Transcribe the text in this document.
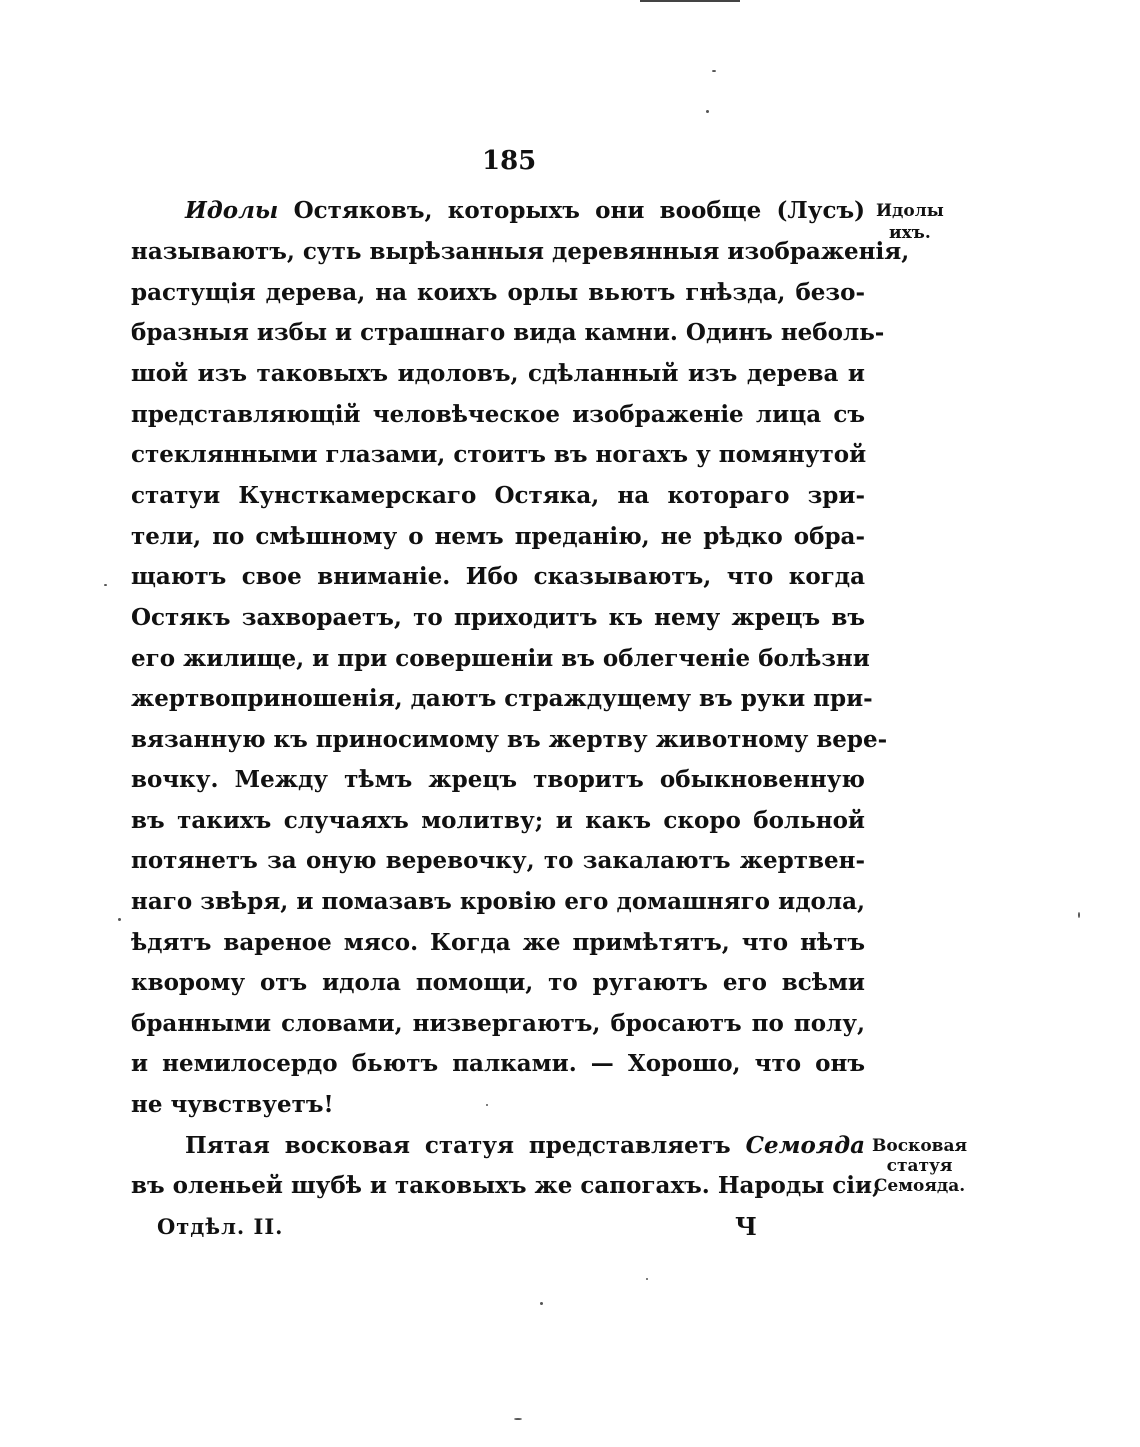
185
Идолы Остяковъ, которыхъ они вообще (Лусъ)
называютъ, суть вырѣзанныя деревянныя изображенія,
растущія дерева, на коихъ орлы вьютъ гнѣзда, безо-
бразныя избы и страшнаго вида камни. Одинъ неболь-
шой изъ таковыхъ идоловъ, сдѣланный изъ дерева и
представляющій человѣческое изображеніе лица съ
стеклянными глазами, стоитъ въ ногахъ у помянутой
статуи Кунсткамерскаго Остяка, на котораго зри-
тели, по смѣшному о немъ преданію, не рѣдко обра-
щаютъ свое вниманіе. Ибо сказываютъ, что когда
Остякъ захвораетъ, то приходитъ къ нему жрецъ въ
его жилище, и при совершеніи въ облегченіе болѣзни
жертвоприношенія, даютъ страждущему въ руки при-
вязанную къ приносимому въ жертву животному вере-
вочку. Между тѣмъ жрецъ творитъ обыкновенную
въ такихъ случаяхъ молитву; и какъ скоро больной
потянетъ за оную веревочку, то закалаютъ жертвен-
наго звѣря, и помазавъ кровію его домашняго идола,
ѣдятъ вареное мясо. Когда же примѣтятъ, что нѣтъ
кворому отъ идола помощи, то ругаютъ его всѣми
бранными словами, низвергаютъ, бросаютъ по полу,
и немилосердо бьютъ палками. — Хорошо, что онъ
не чувствуетъ!
Пятая восковая статуя представляетъ Семоядa
въ оленьей шубѣ и таковыхъ же сапогахъ. Народы сіи,
Идолы
ихъ.
Восковая
статуя
Семояда.
Отдѣл. II.	Ч
